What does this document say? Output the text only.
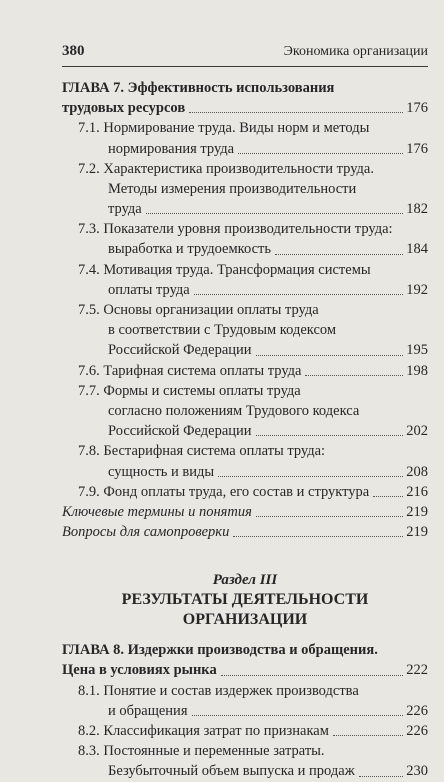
380	Экономика организации
ГЛАВА 7. Эффективность использования
трудовых ресурсов	176
7.1. Нормирование труда. Виды норм и методы
нормирования труда	176
7.2. Характеристика производительности труда.
Методы измерения производительности
труда	182
7.3. Показатели уровня производительности труда:
выработка и трудоемкость	184
7.4. Мотивация труда. Трансформация системы
оплаты труда	192
7.5. Основы организации оплаты труда
в соответствии с Трудовым кодексом
Российской Федерации	195
7.6. Тарифная система оплаты труда	198
7.7. Формы и системы оплаты труда
согласно положениям Трудового кодекса
Российской Федерации	202
7.8. Бестарифная система оплаты труда:
сущность и виды	208
7.9. Фонд оплаты труда, его состав и структура	216
Ключевые термины и понятия	219
Вопросы для самопроверки	219
Раздел III
РЕЗУЛЬТАТЫ ДЕЯТЕЛЬНОСТИ
ОРГАНИЗАЦИИ
ГЛАВА 8. Издержки производства и обращения.
Цена в условиях рынка	222
8.1. Понятие и состав издержек производства
и обращения	226
8.2. Классификация затрат по признакам	226
8.3. Постоянные и переменные затраты.
Безубыточный объем выпуска и продаж	230
